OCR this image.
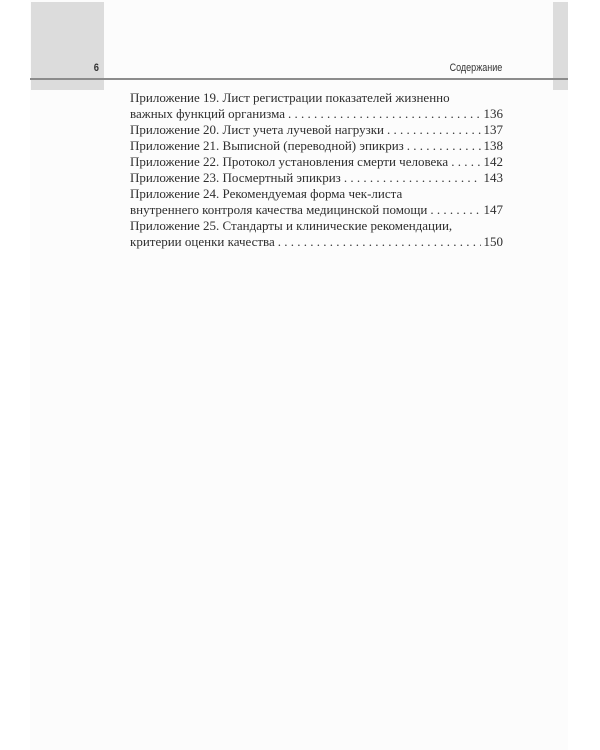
6	Содержание
Приложение 19. Лист регистрации показателей жизненно
важных функций организма . . .	136
Приложение 20. Лист учета лучевой нагрузки . . .	137
Приложение 21. Выписной (переводной) эпикриз . . .	138
Приложение 22. Протокол установления смерти человека . . .	142
Приложение 23. Посмертный эпикриз . . .	143
Приложение 24. Рекомендуемая форма чек-листа
внутреннего контроля качества медицинской помощи . . .	147
Приложение 25. Стандарты и клинические рекомендации,
критерии оценки качества . . .	150
